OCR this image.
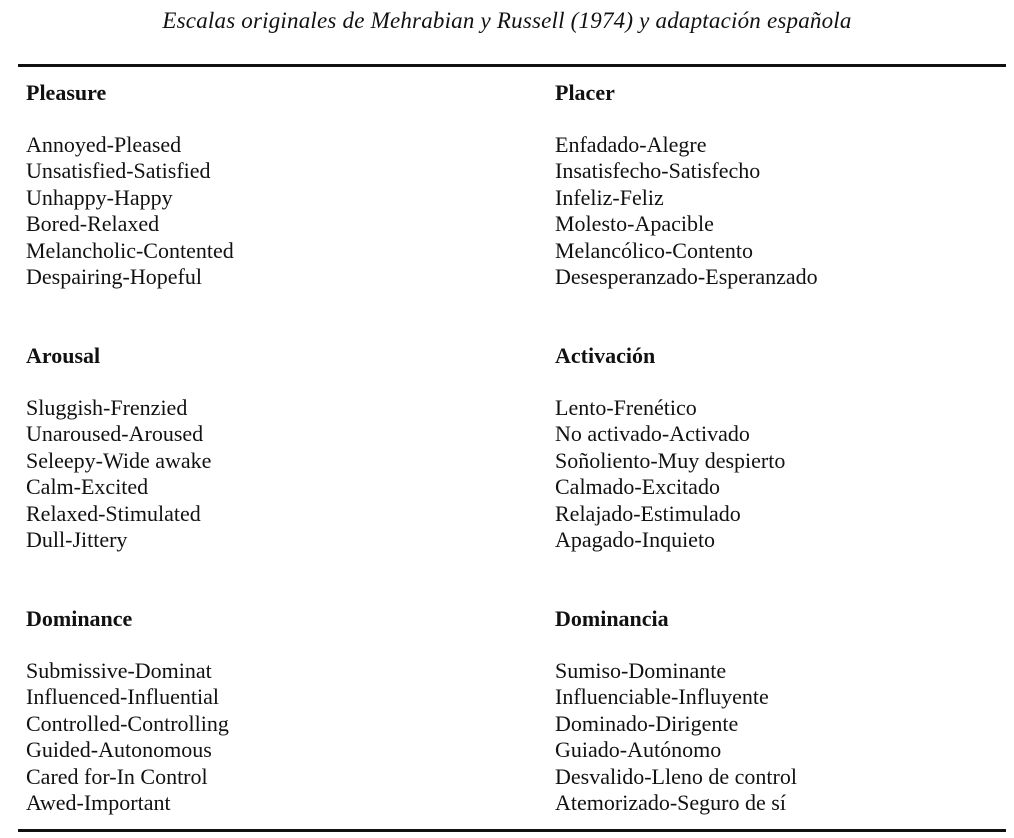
Escalas originales de Mehrabian y Russell (1974) y adaptación española
Pleasure
Annoyed-Pleased
Unsatisfied-Satisfied
Unhappy-Happy
Bored-Relaxed
Melancholic-Contented
Despairing-Hopeful
Arousal
Sluggish-Frenzied
Unaroused-Aroused
Seleepy-Wide awake
Calm-Excited
Relaxed-Stimulated
Dull-Jittery
Dominance
Submissive-Dominat
Influenced-Influential
Controlled-Controlling
Guided-Autonomous
Cared for-In Control
Awed-Important
Placer
Enfadado-Alegre
Insatisfecho-Satisfecho
Infeliz-Feliz
Molesto-Apacible
Melancólico-Contento
Desesperanzado-Esperanzado
Activación
Lento-Frenético
No activado-Activado
Soñoliento-Muy despierto
Calmado-Excitado
Relajado-Estimulado
Apagado-Inquieto
Dominancia
Sumiso-Dominante
Influenciable-Influyente
Dominado-Dirigente
Guiado-Autónomo
Desvalido-Lleno de control
Atemorizado-Seguro de sí
